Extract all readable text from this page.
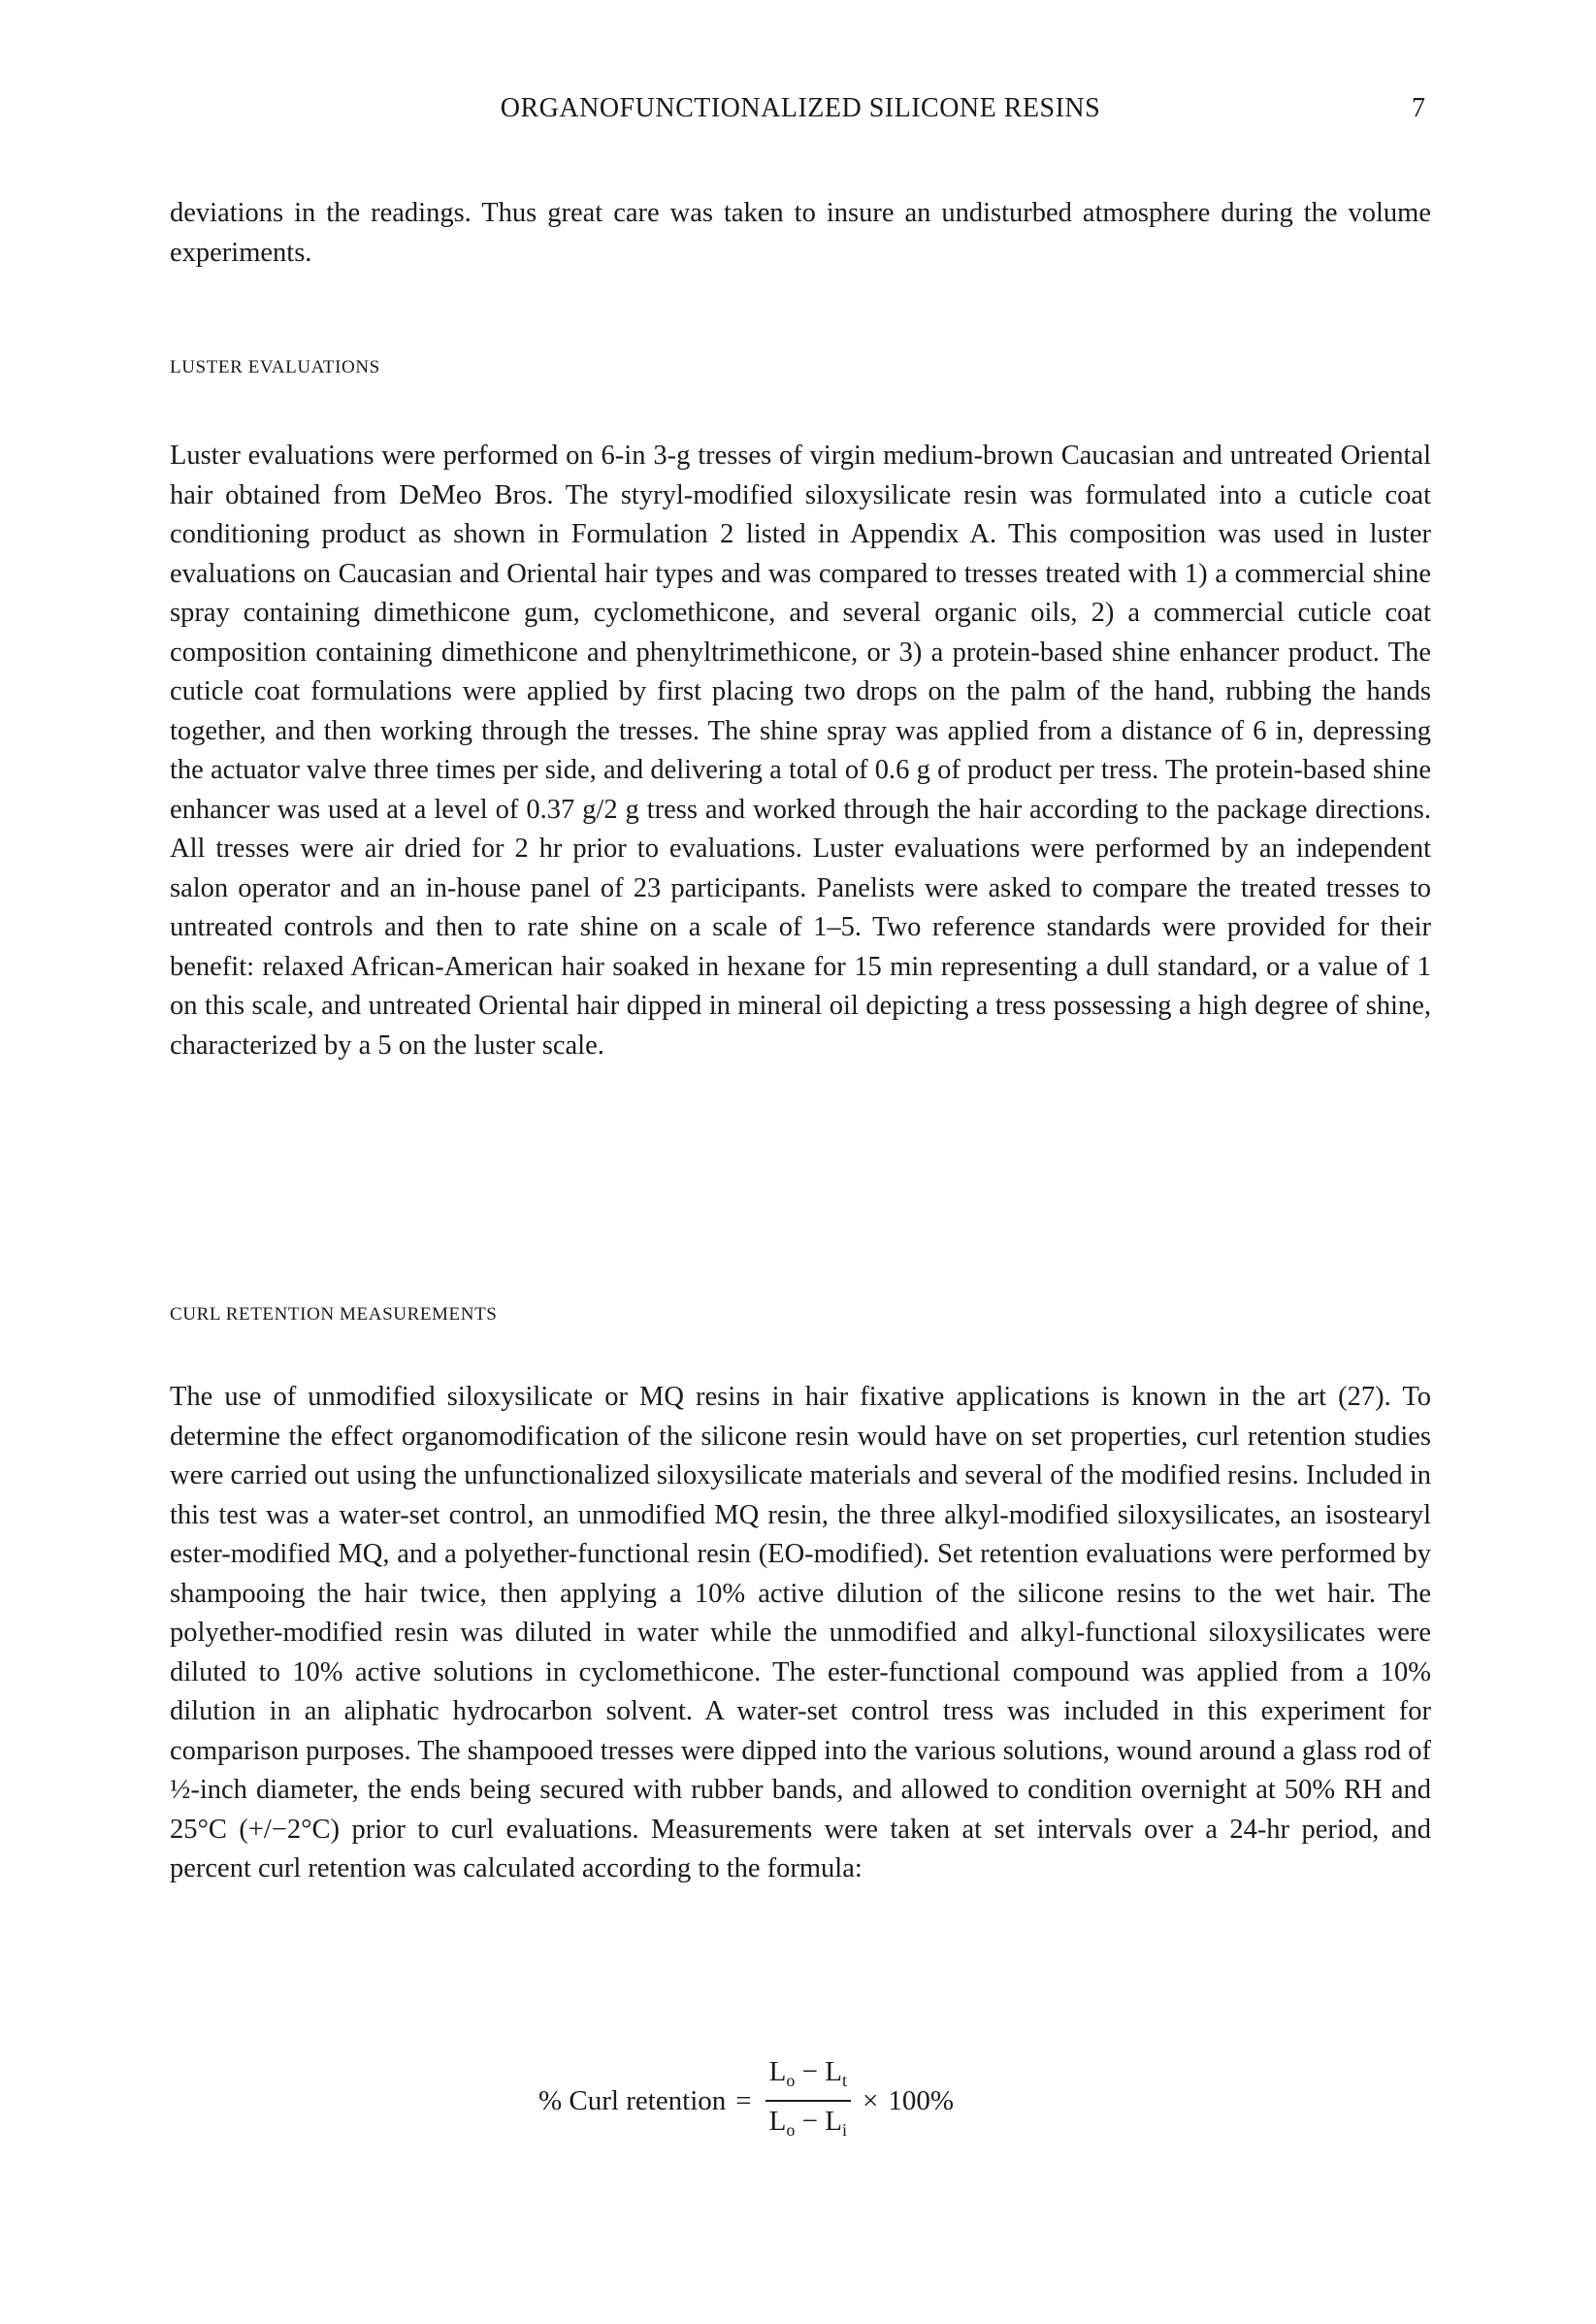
ORGANOFUNCTIONALIZED SILICONE RESINS	7

deviations in the readings. Thus great care was taken to insure an undisturbed atmosphere during the volume experiments.

LUSTER EVALUATIONS

Luster evaluations were performed on 6-in 3-g tresses of virgin medium-brown Caucasian and untreated Oriental hair obtained from DeMeo Bros. The styryl-modified siloxysilicate resin was formulated into a cuticle coat conditioning product as shown in Formulation 2 listed in Appendix A. This composition was used in luster evaluations on Caucasian and Oriental hair types and was compared to tresses treated with 1) a commercial shine spray containing dimethicone gum, cyclomethicone, and several organic oils, 2) a commercial cuticle coat composition containing dimethicone and phenyltrimethicone, or 3) a protein-based shine enhancer product. The cuticle coat formulations were applied by first placing two drops on the palm of the hand, rubbing the hands together, and then working through the tresses. The shine spray was applied from a distance of 6 in, depressing the actuator valve three times per side, and delivering a total of 0.6 g of product per tress. The protein-based shine enhancer was used at a level of 0.37 g/2 g tress and worked through the hair according to the package directions. All tresses were air dried for 2 hr prior to evaluations. Luster evaluations were performed by an independent salon operator and an in-house panel of 23 participants. Panelists were asked to compare the treated tresses to untreated controls and then to rate shine on a scale of 1–5. Two reference standards were provided for their benefit: relaxed African-American hair soaked in hexane for 15 min representing a dull standard, or a value of 1 on this scale, and untreated Oriental hair dipped in mineral oil depicting a tress possessing a high degree of shine, characterized by a 5 on the luster scale.

CURL RETENTION MEASUREMENTS

The use of unmodified siloxysilicate or MQ resins in hair fixative applications is known in the art (27). To determine the effect organomodification of the silicone resin would have on set properties, curl retention studies were carried out using the unfunctionalized siloxysilicate materials and several of the modified resins. Included in this test was a water-set control, an unmodified MQ resin, the three alkyl-modified siloxysilicates, an isostearyl ester-modified MQ, and a polyether-functional resin (EO-modified). Set retention evaluations were performed by shampooing the hair twice, then applying a 10% active dilution of the silicone resins to the wet hair. The polyether-modified resin was diluted in water while the unmodified and alkyl-functional siloxysilicates were diluted to 10% active solutions in cyclomethicone. The ester-functional compound was applied from a 10% dilution in an aliphatic hydrocarbon solvent. A water-set control tress was included in this experiment for comparison purposes. The shampooed tresses were dipped into the various solutions, wound around a glass rod of ½-inch diameter, the ends being secured with rubber bands, and allowed to condition overnight at 50% RH and 25°C (+/−2°C) prior to curl evaluations. Measurements were taken at set intervals over a 24-hr period, and percent curl retention was calculated according to the formula:

% Curl retention = $\frac{L_o - L_t}{L_o - L_i} \times 100\%$
